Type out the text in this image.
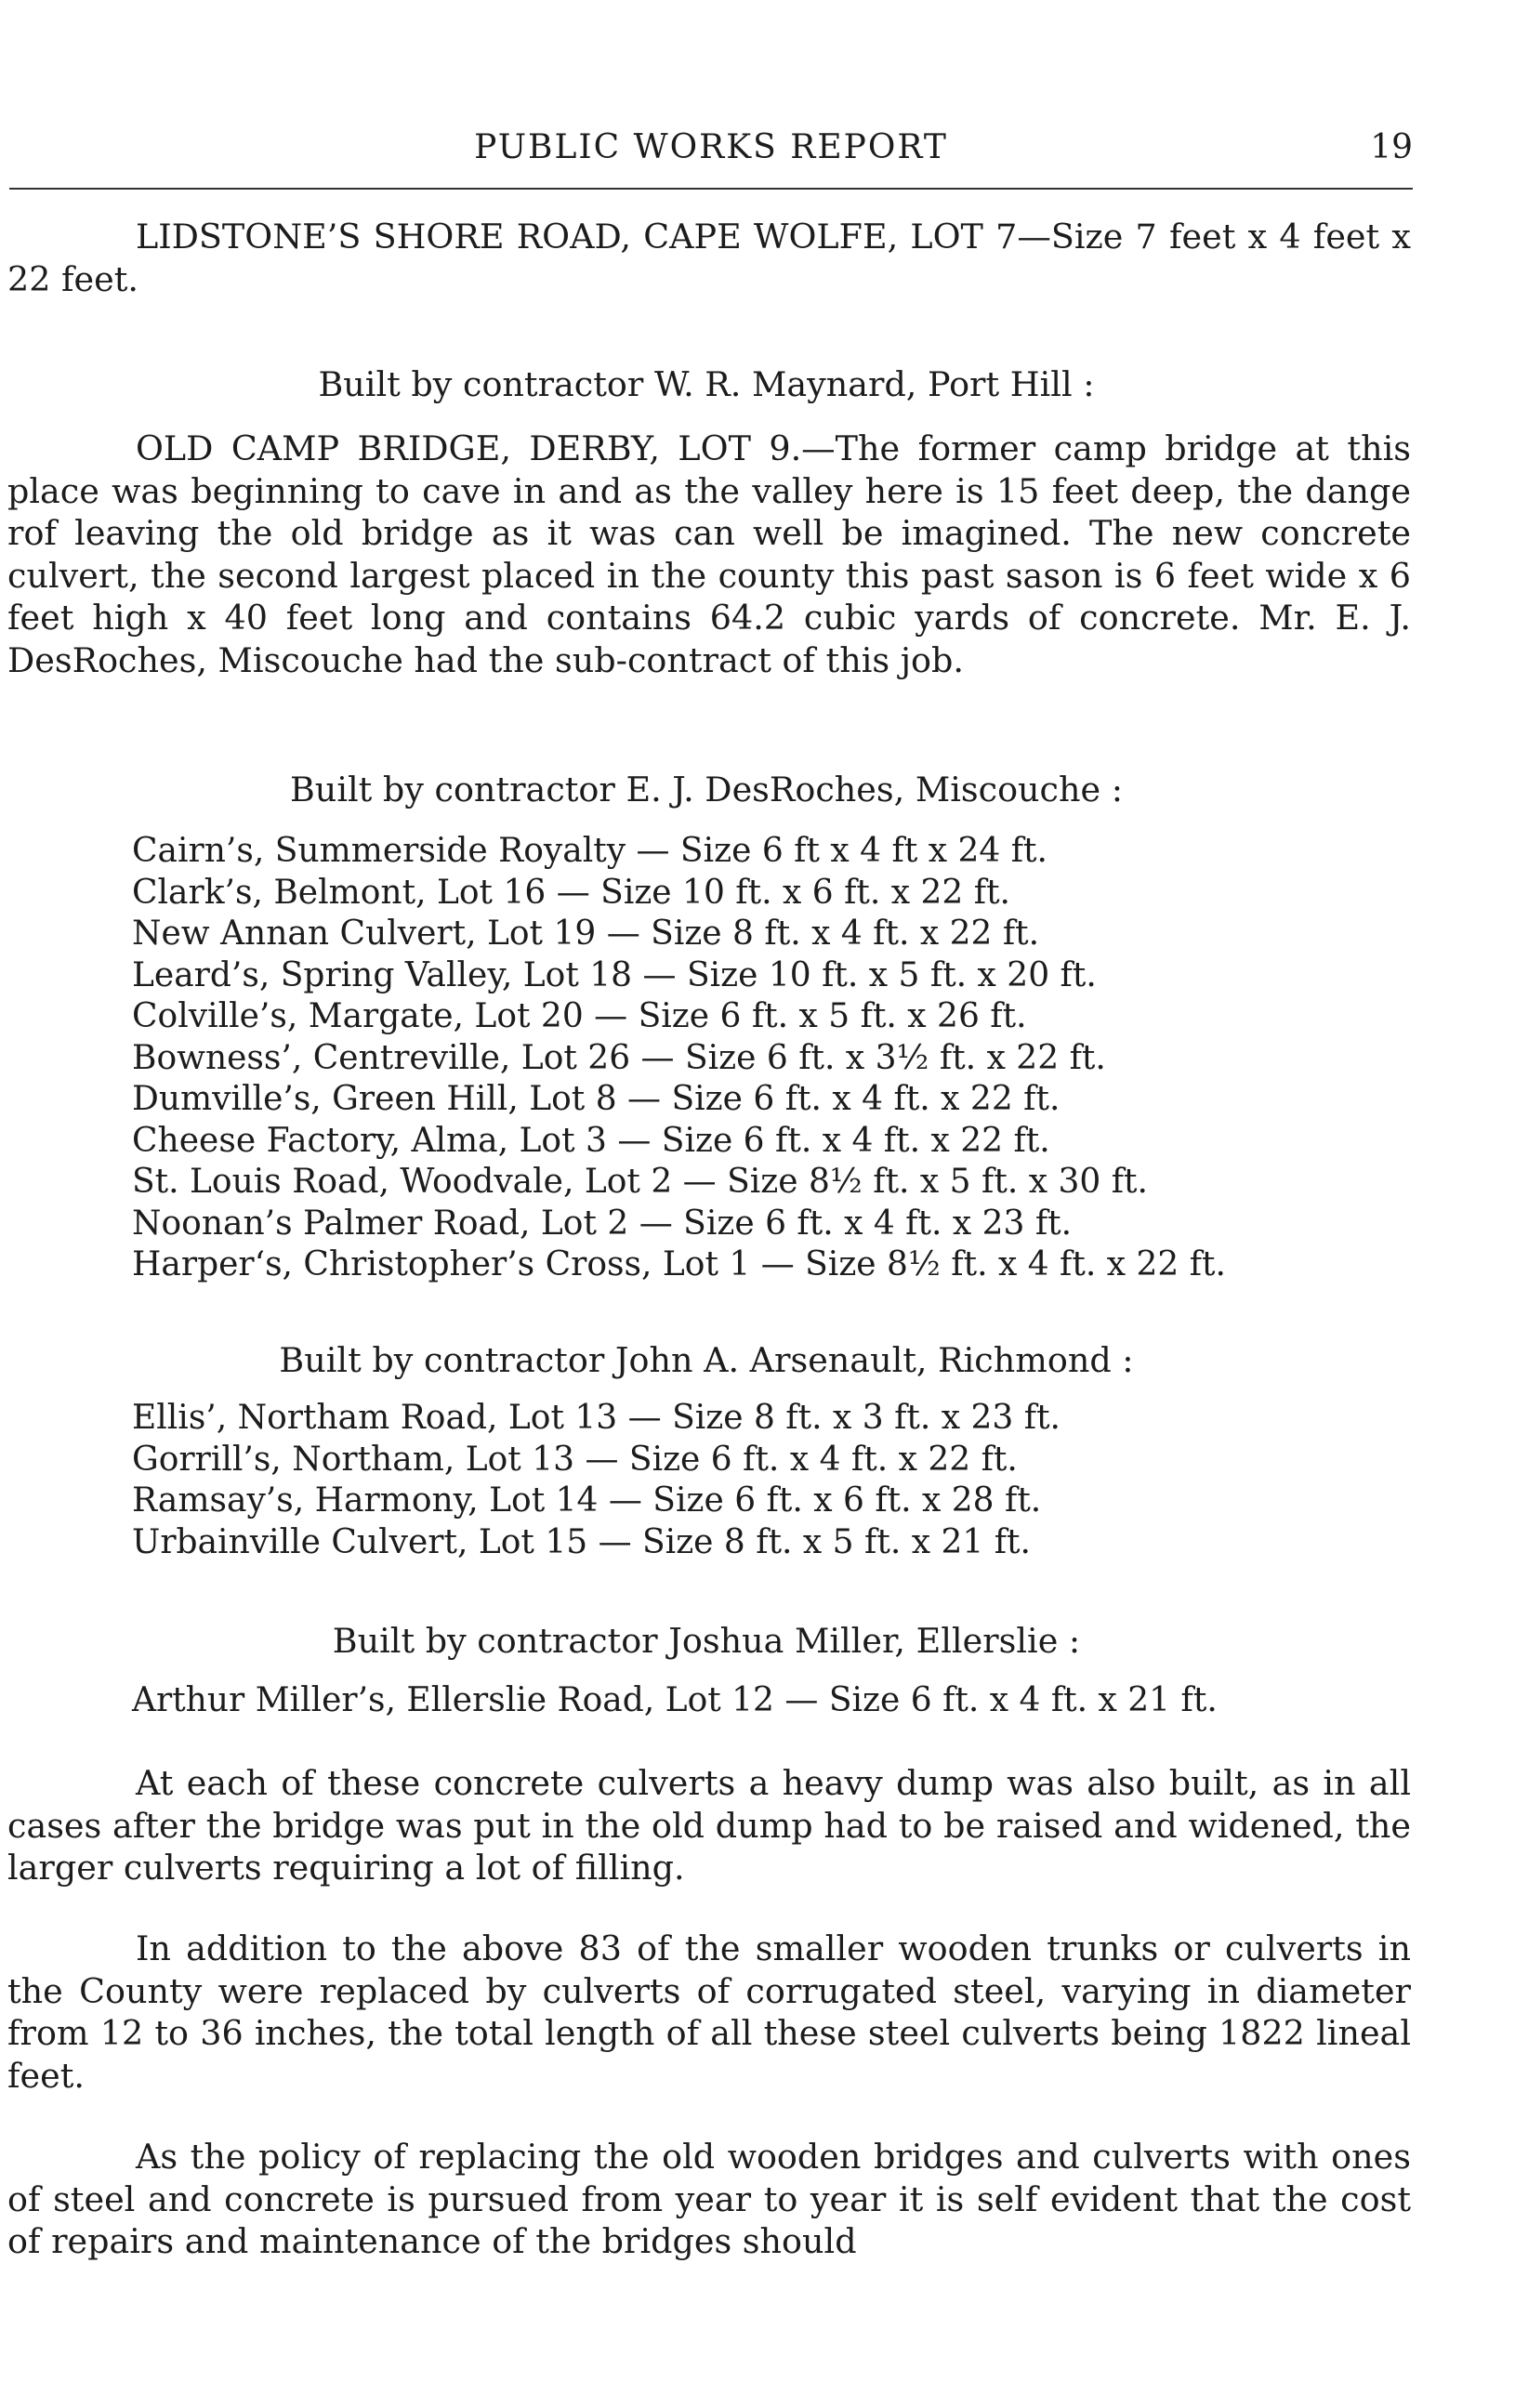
PUBLIC WORKS REPORT	19

LIDSTONE’S SHORE ROAD, CAPE WOLFE, LOT 7—Size 7 feet x 4 feet x 22 feet.

Built by contractor W. R. Maynard, Port Hill :

OLD CAMP BRIDGE, DERBY, LOT 9.—The former camp bridge at this place was beginning to cave in and as the valley here is 15 feet deep, the dange rof leaving the old bridge as it was can well be imagined. The new concrete culvert, the second largest placed in the county this past sason is 6 feet wide x 6 feet high x 40 feet long and contains 64.2 cubic yards of concrete. Mr. E. J. DesRoches, Miscouche had the sub-contract of this job.

Built by contractor E. J. DesRoches, Miscouche :
Cairn’s, Summerside Royalty — Size 6 ft x 4 ft x 24 ft.
Clark’s, Belmont, Lot 16 — Size 10 ft. x 6 ft. x 22 ft.
New Annan Culvert, Lot 19 — Size 8 ft. x 4 ft. x 22 ft.
Leard’s, Spring Valley, Lot 18 — Size 10 ft. x 5 ft. x 20 ft.
Colville’s, Margate, Lot 20 — Size 6 ft. x 5 ft. x 26 ft.
Bowness’, Centreville, Lot 26 — Size 6 ft. x 3½ ft. x 22 ft.
Dumville’s, Green Hill, Lot 8 — Size 6 ft. x 4 ft. x 22 ft.
Cheese Factory, Alma, Lot 3 — Size 6 ft. x 4 ft. x 22 ft.
St. Louis Road, Woodvale, Lot 2 — Size 8½ ft. x 5 ft. x 30 ft.
Noonan’s Palmer Road, Lot 2 — Size 6 ft. x 4 ft. x 23 ft.
Harper‘s, Christopher’s Cross, Lot 1 — Size 8½ ft. x 4 ft. x 22 ft.
Built by contractor John A. Arsenault, Richmond :
Ellis’, Northam Road, Lot 13 — Size 8 ft. x 3 ft. x 23 ft.
Gorrill’s, Northam, Lot 13 — Size 6 ft. x 4 ft. x 22 ft.
Ramsay’s, Harmony, Lot 14 — Size 6 ft. x 6 ft. x 28 ft.
Urbainville Culvert, Lot 15 — Size 8 ft. x 5 ft. x 21 ft.
Built by contractor Joshua Miller, Ellerslie :
Arthur Miller’s, Ellerslie Road, Lot 12 — Size 6 ft. x 4 ft. x 21 ft.

At each of these concrete culverts a heavy dump was also built, as in all cases after the bridge was put in the old dump had to be raised and widened, the larger culverts requiring a lot of filling.

In addition to the above 83 of the smaller wooden trunks or culverts in the County were replaced by culverts of corrugated steel, varying in diameter from 12 to 36 inches, the total length of all these steel culverts being 1822 lineal feet.

As the policy of replacing the old wooden bridges and culverts with ones of steel and concrete is pursued from year to year it is self evident that the cost of repairs and maintenance of the bridges should
